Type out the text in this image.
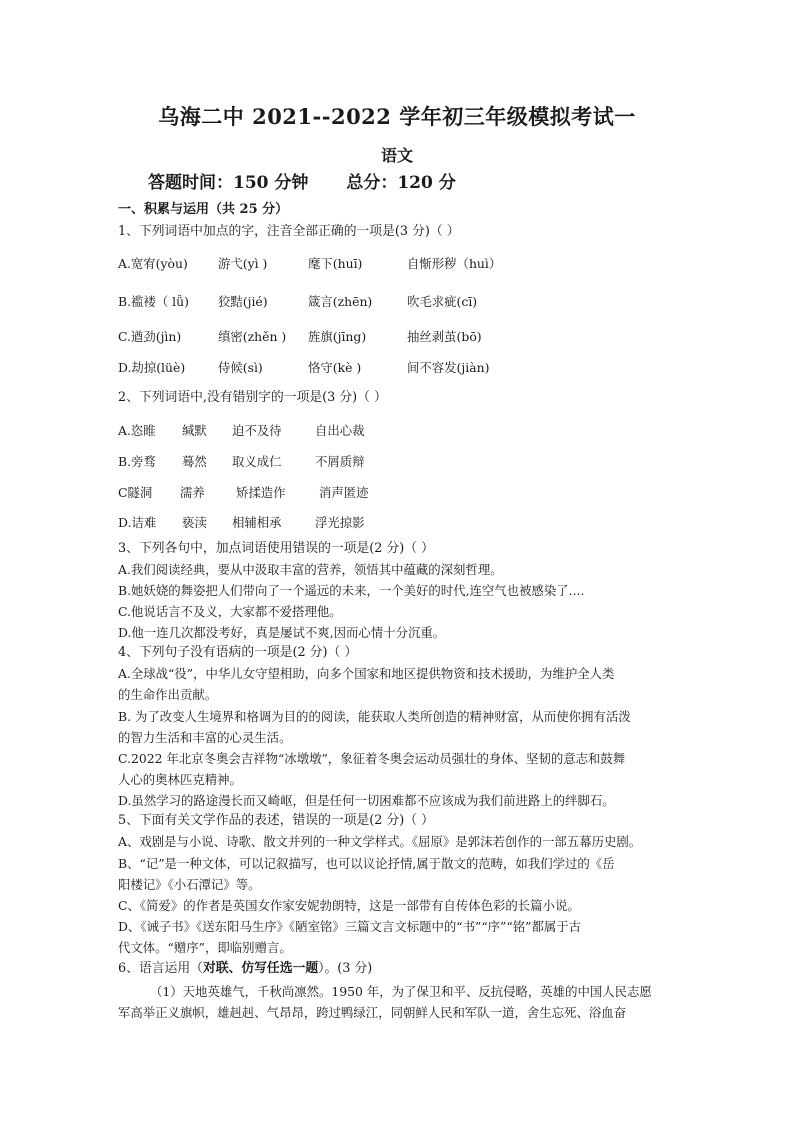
乌海二中 2021--2022 学年初三年级模拟考试一
语文
答题时间：150 分钟 总分：120 分
一、积累与运用（共 25 分）
1、下列词语中加点的字，注音全部正确的一项是(3 分)（ ）
A.宽宥(yòu) 游弋(yì )	麾下(huī)	自惭形秽（huì）
B.褴褛（ lǚ) 狡黠(jié)	箴言(zhēn)	吹毛求疵(cī)
C.遒劲(jìn)	缜密(zhěn ) 旌旗(jīng)	抽丝剥茧(bō)
D.劫掠(lüè)	侍候(sì)	恪守(kè )	间不容发(jiàn)
2、下列词语中,没有错别字的一项是(3 分)（ ）
A.恣睢 缄默 迫不及待	自出心裁
B.旁骛 蓦然 取义成仁	不屑质辩
C隧洞 濡养	矫揉造作	消声匿迹
D.诘难 亵渎 相辅相承	浮光掠影
3、下列各句中，加点词语使用错误的一项是(2 分)（ ）
A.我们阅读经典，要从中汲取丰富的营养，领悟其中蕴藏的深刻哲理。
B.她妖娆的舞姿把人们带向了一个遥远的未来，一个美好的时代,连空气也被感染了....
C.他说话言不及义，大家都不爱搭理他。
D.他一连几次都没考好，真是屡试不爽,因而心情十分沉重。
4、下列句子没有语病的一项是(2 分)（ ）
A.全球战“役”，中华儿女守望相助，向多个国家和地区提供物资和技术援助，为维护全人类
的生命作出贡献。
B. 为了改变人生境界和格调为目的的阅读，能获取人类所创造的精神财富，从而使你拥有活泼
的智力生活和丰富的心灵生活。
C.2022 年北京冬奥会吉祥物“冰墩墩”，象征着冬奥会运动员强壮的身体、坚韧的意志和鼓舞
人心的奥林匹克精神。
D.虽然学习的路途漫长而又崎岖，但是任何一切困难都不应该成为我们前进路上的绊脚石。
5、下面有关文学作品的表述，错误的一项是(2 分)（ ）
A、戏剧是与小说、诗歌、散文并列的一种文学样式。《屈原》是郭沫若创作的一部五幕历史剧。
B、“记”是一种文体，可以记叙描写，也可以议论抒情,属于散文的范畴，如我们学过的《岳
阳楼记》《小石潭记》等。
C、《简爱》的作者是英国女作家安妮勃朗特，这是一部带有自传体色彩的长篇小说。
D、《诫子书》《送东阳马生序》《陋室铭》三篇文言文标题中的“书”“序”“铭”都属于古
代文体。“赠序”，即临别赠言。
6、语言运用（对联、仿写任选一题）。(3 分)
（1）天地英雄气，千秋尚凛然。1950 年，为了保卫和平、反抗侵略，英雄的中国人民志愿
军高举正义旗帜，雄赳赳、气昂昂，跨过鸭绿江，同朝鲜人民和军队一道，舍生忘死、浴血奋
